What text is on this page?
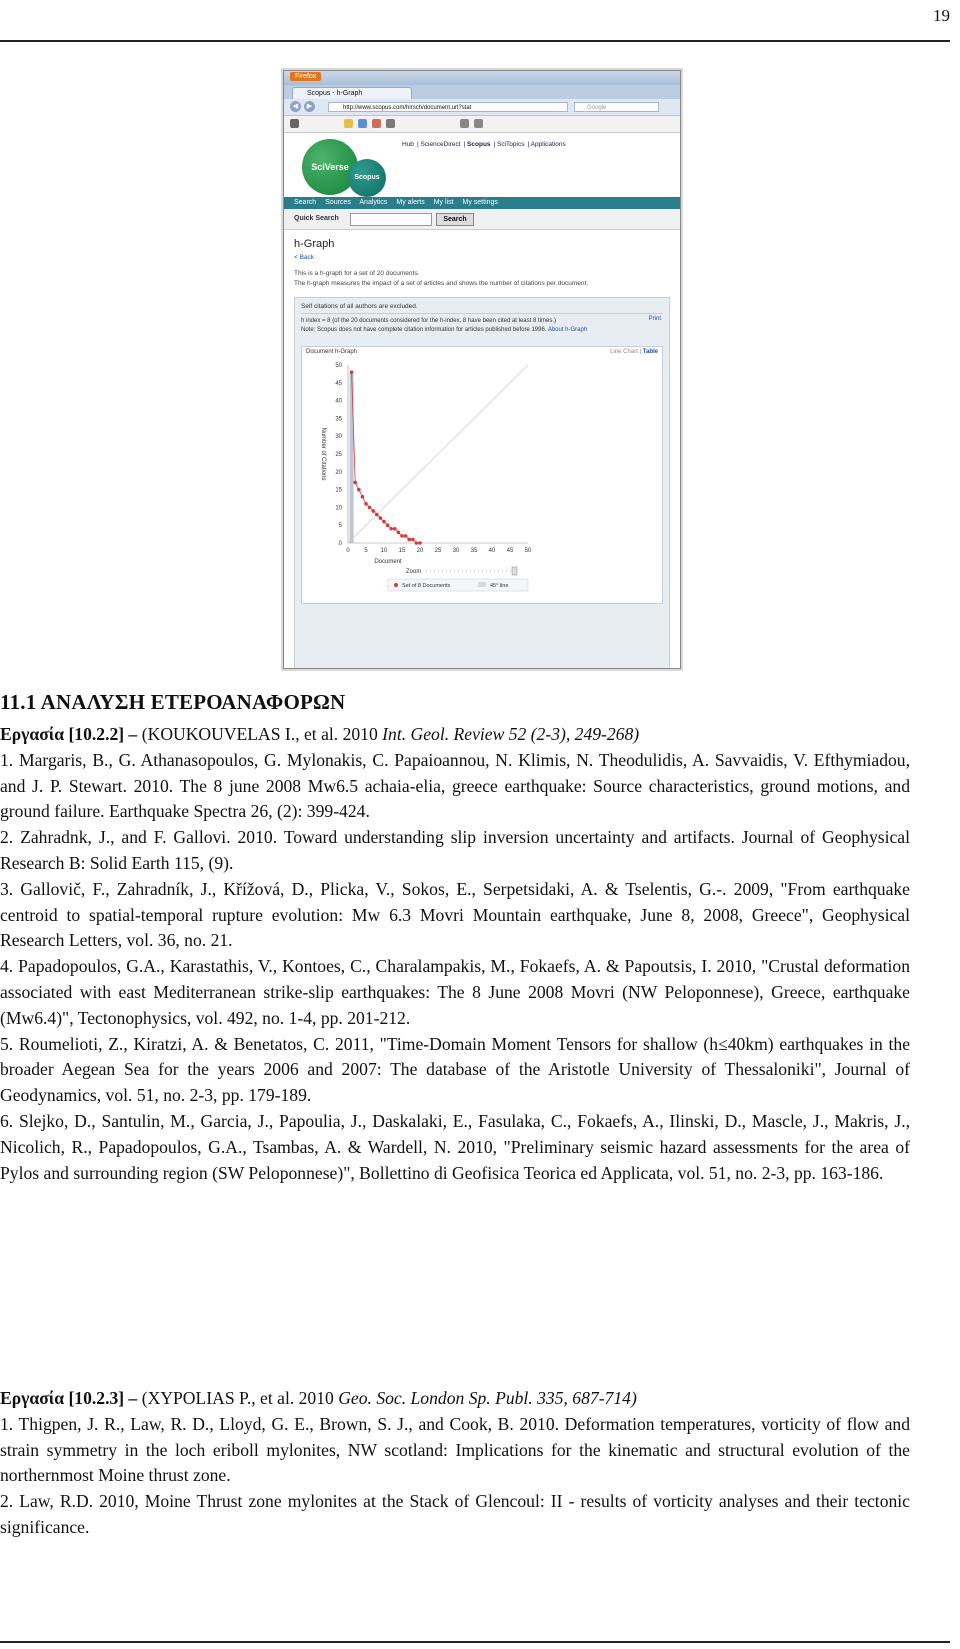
19
Firefox
Scopus - h-Graph
◀	▶	http://www.scopus.com/hirsch/document.url?stat	Google
SciVerse
Scopus
Hub | ScienceDirect | Scopus | SciTopics | Applications
Search Sources Analytics My alerts My list My settings
Quick Search	Search
h-Graph
< Back
This is a h-graph for a set of 20 documents.
The h-graph measures the impact of a set of articles and shows the number of citations per document.
Self citations of all authors are excluded.
h index = 8 (of the 20 documents considered for the h-index, 8 have been cited at least 8 times.)	Print
Note: Scopus does not have complete citation information for articles published before 1996. About h-Graph
Document h-Graph	Line Chart | Table
0 5 10 15 20 25 30 35 40 45 50
0
5
10
15
20
25
30
35
40
45
50
Number of Citations
Document
Zoom
Set of 8 Documents	45° line
11.1 ΑΝΑΛΥΣΗ ΕΤΕΡΟΑΝΑΦΟΡΩΝ

Εργασία [10.2.2] – (KOUKOUVELAS I., et al. 2010 Int. Geol. Review 52 (2-3), 249-268)

1. Margaris, B., G. Athanasopoulos, G. Mylonakis, C. Papaioannou, N. Klimis, N. Theodulidis, A. Savvaidis, V. Efthymiadou, and J. P. Stewart. 2010. The 8 june 2008 Mw6.5 achaia-elia, greece earthquake: Source characteristics, ground motions, and ground failure. Earthquake Spectra 26, (2): 399-424.

2. Zahradnk, J., and F. Gallovi. 2010. Toward understanding slip inversion uncertainty and artifacts. Journal of Geophysical Research B: Solid Earth 115, (9).

3. Gallovič, F., Zahradník, J., Křížová, D., Plicka, V., Sokos, E., Serpetsidaki, A. & Tselentis, G.-. 2009, "From earthquake centroid to spatial-temporal rupture evolution: Mw 6.3 Movri Mountain earthquake, June 8, 2008, Greece", Geophysical Research Letters, vol. 36, no. 21.

4. Papadopoulos, G.A., Karastathis, V., Kontoes, C., Charalampakis, M., Fokaefs, A. & Papoutsis, I. 2010, "Crustal deformation associated with east Mediterranean strike-slip earthquakes: The 8 June 2008 Movri (NW Peloponnese), Greece, earthquake (Mw6.4)", Tectonophysics, vol. 492, no. 1-4, pp. 201-212.

5. Roumelioti, Z., Kiratzi, A. & Benetatos, C. 2011, "Time-Domain Moment Tensors for shallow (h≤40km) earthquakes in the broader Aegean Sea for the years 2006 and 2007: The database of the Aristotle University of Thessaloniki", Journal of Geodynamics, vol. 51, no. 2-3, pp. 179-189.

6. Slejko, D., Santulin, M., Garcia, J., Papoulia, J., Daskalaki, E., Fasulaka, C., Fokaefs, A., Ilinski, D., Mascle, J., Makris, J., Nicolich, R., Papadopoulos, G.A., Tsambas, A. & Wardell, N. 2010, "Preliminary seismic hazard assessments for the area of Pylos and surrounding region (SW Peloponnese)", Bollettino di Geofisica Teorica ed Applicata, vol. 51, no. 2-3, pp. 163-186.

Εργασία [10.2.3] – (XYPOLIAS P., et al. 2010 Geo. Soc. London Sp. Publ. 335, 687-714)

1. Thigpen, J. R., Law, R. D., Lloyd, G. E., Brown, S. J., and Cook, B. 2010. Deformation temperatures, vorticity of flow and strain symmetry in the loch eriboll mylonites, NW scotland: Implications for the kinematic and structural evolution of the northernmost Moine thrust zone.

2. Law, R.D. 2010, Moine Thrust zone mylonites at the Stack of Glencoul: II - results of vorticity analyses and their tectonic significance.
